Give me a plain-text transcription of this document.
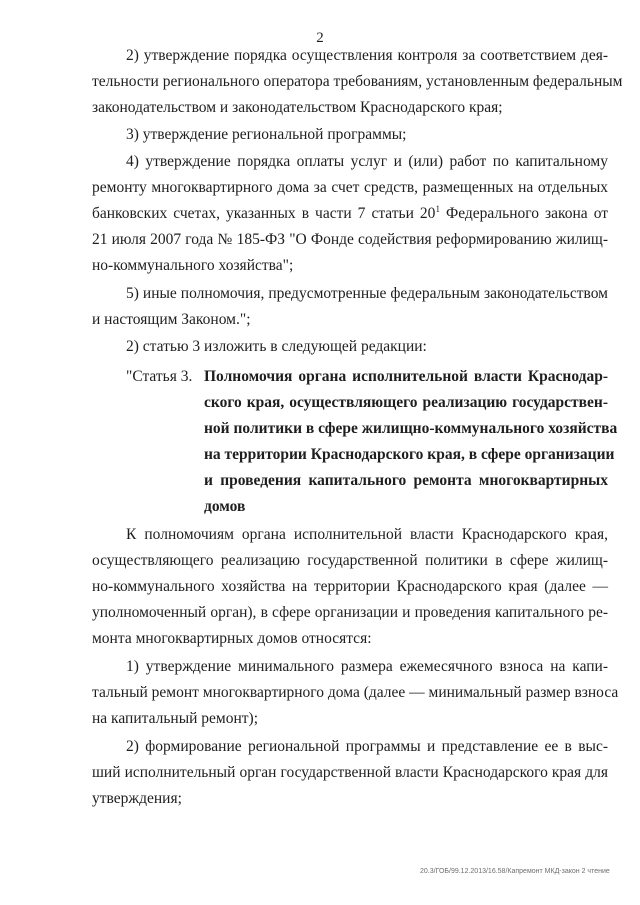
2
2) утверждение порядка осуществления контроля за соответствием дея-
тельности регионального оператора требованиям, установленным федеральным
законодательством и законодательством Краснодарского края;
3) утверждение региональной программы;
4) утверждение порядка оплаты услуг и (или) работ по капитальному
ремонту многоквартирного дома за счет средств, размещенных на отдельных
банковских счетах, указанных в части 7 статьи $20^1$ Федерального закона от
21 июля 2007 года № 185-ФЗ "О Фонде содействия реформированию жилищ-
но-коммунального хозяйства";
5) иные полномочия, предусмотренные федеральным законодательством
и настоящим Законом.";
2) статью 3 изложить в следующей редакции:
"Статья 3. Полномочия органа исполнительной власти Краснодар-
ского края, осуществляющего реализацию государствен-
ной политики в сфере жилищно-коммунального хозяйства
на территории Краснодарского края, в сфере организации
и проведения капитального ремонта многоквартирных
домов
К полномочиям органа исполнительной власти Краснодарского края,
осуществляющего реализацию государственной политики в сфере жилищ-
но-коммунального хозяйства на территории Краснодарского края (далее —
уполномоченный орган), в сфере организации и проведения капитального ре-
монта многоквартирных домов относятся:
1) утверждение минимального размера ежемесячного взноса на капи-
тальный ремонт многоквартирного дома (далее — минимальный размер взноса
на капитальный ремонт);
2) формирование региональной программы и представление ее в выс-
ший исполнительный орган государственной власти Краснодарского края для
утверждения;
20.3/ГОБ/99.12.2013/16.58/Капремонт МКД-закон 2 чтение
